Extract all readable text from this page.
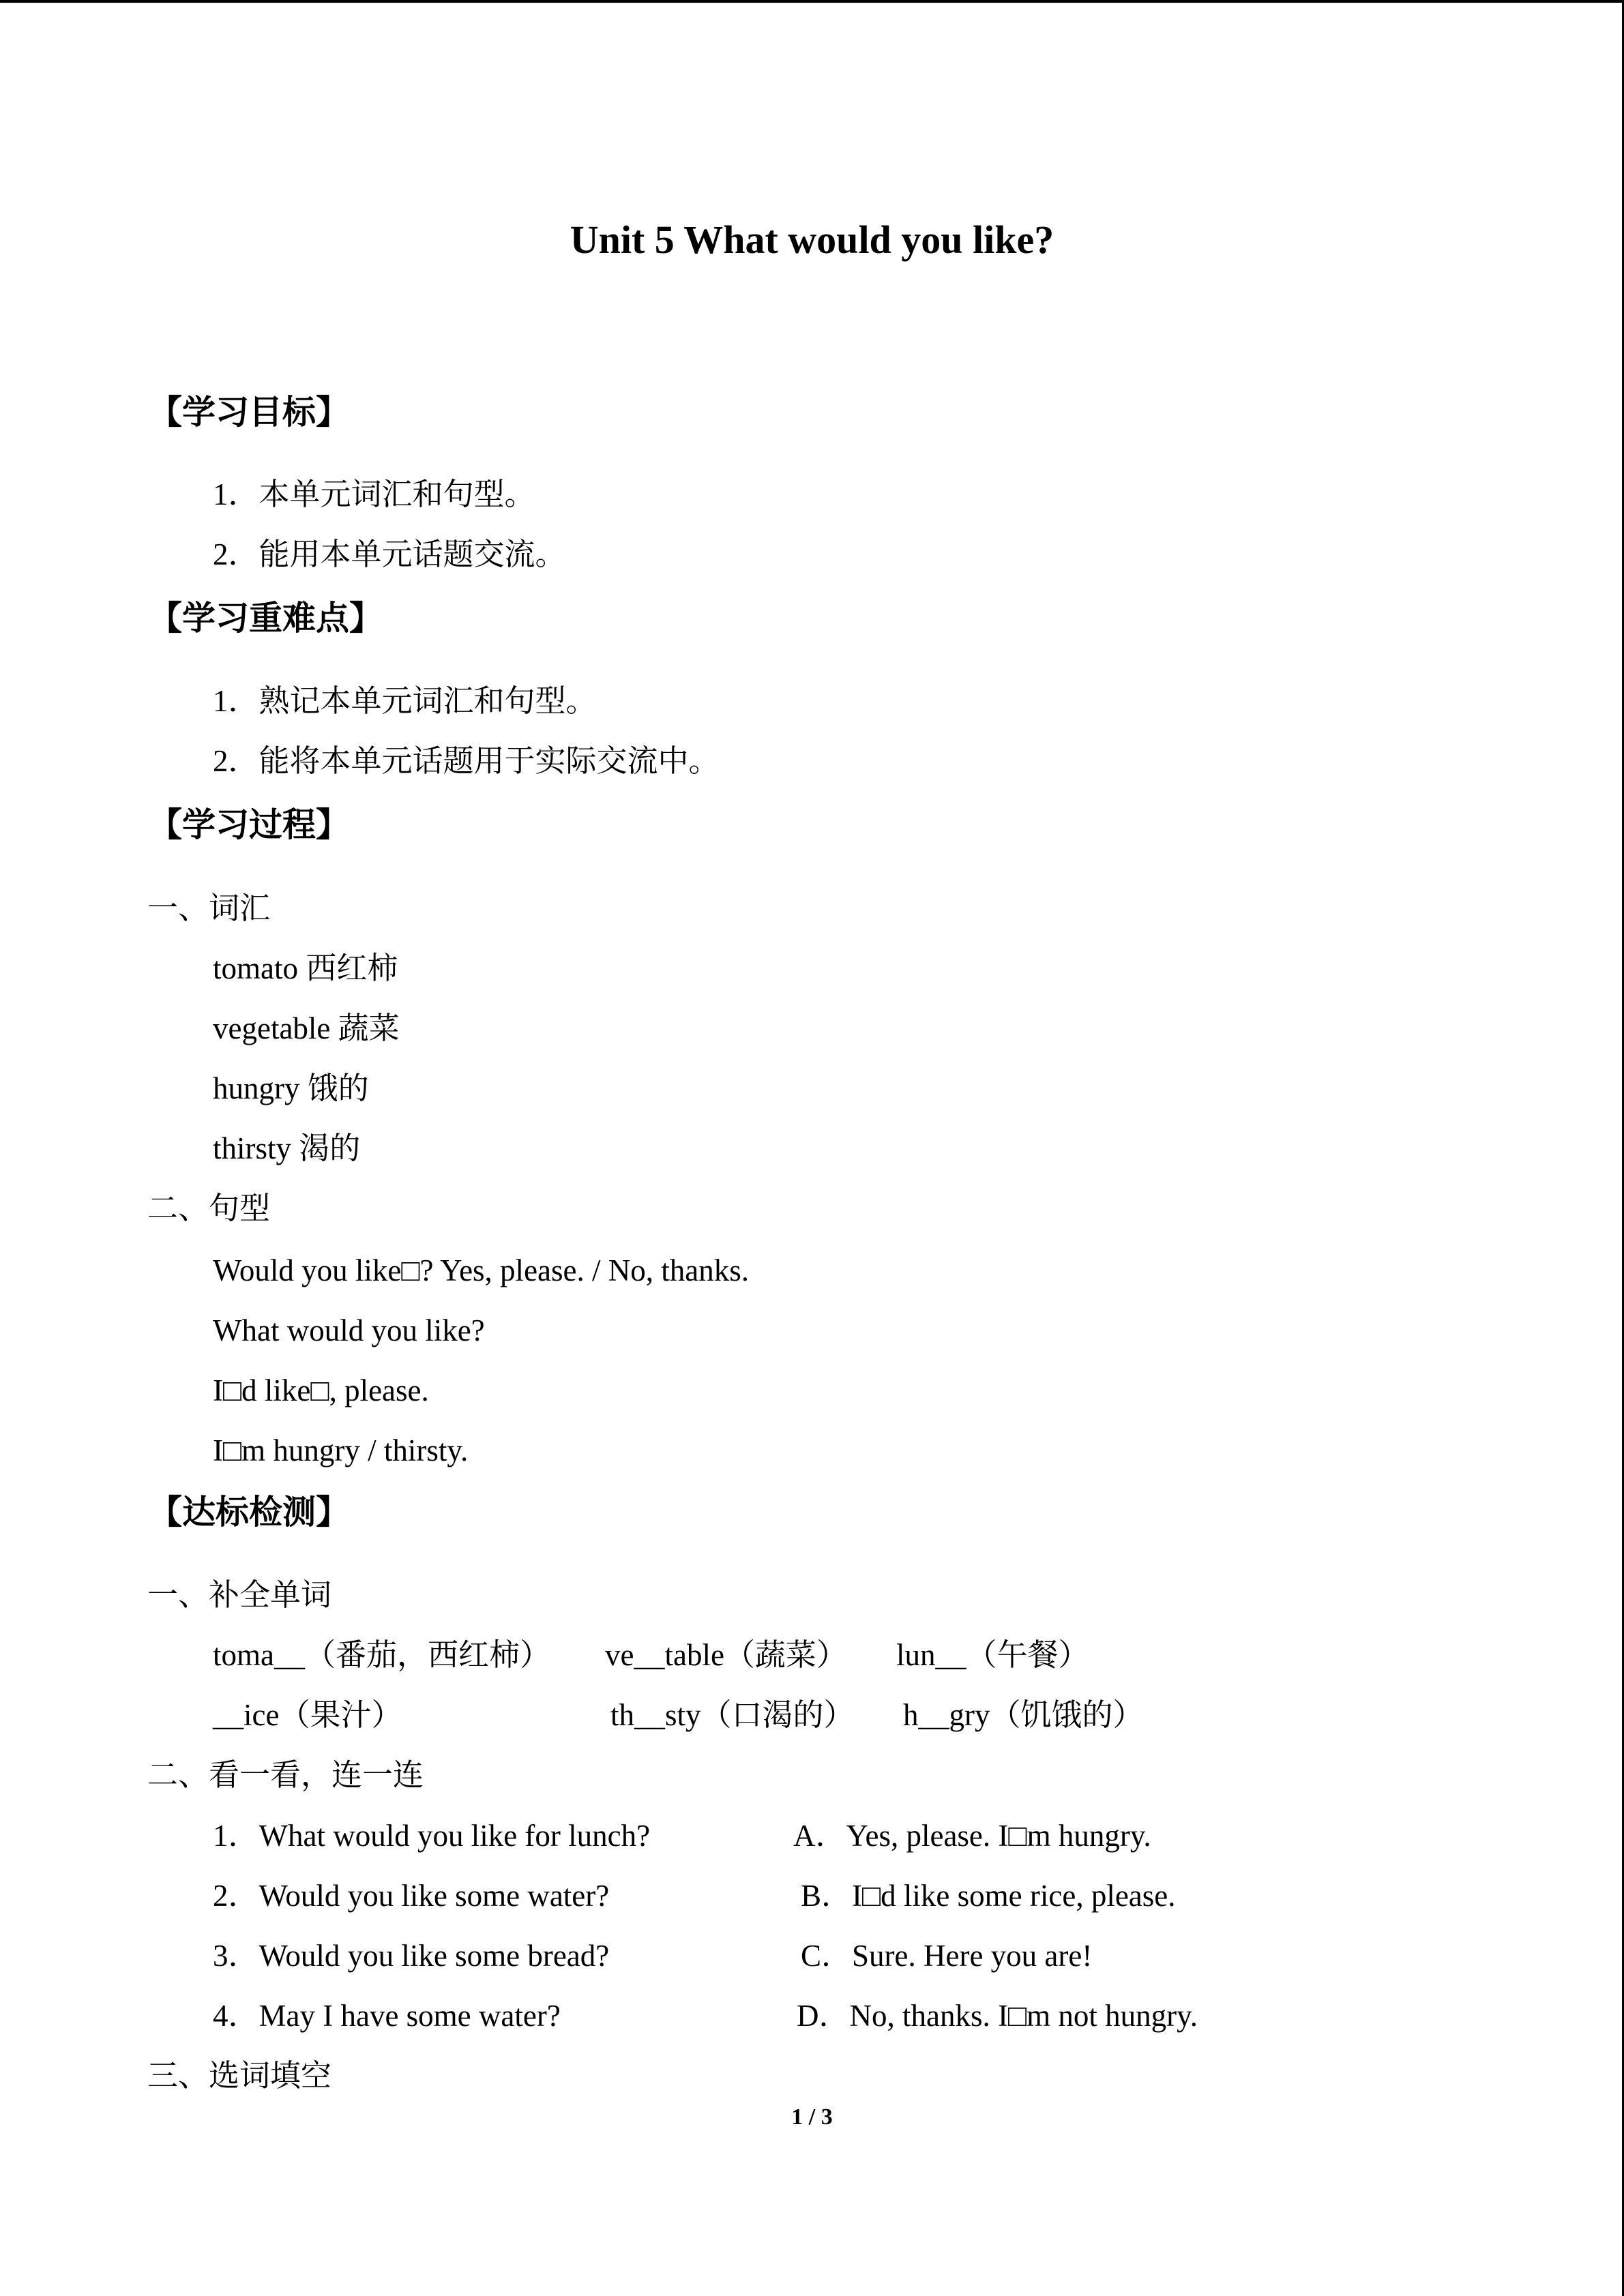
Unit 5 What would you like?
【学习目标】
1．本单元词汇和句型。
2．能用本单元话题交流。
【学习重难点】
1．熟记本单元词汇和句型。
2．能将本单元话题用于实际交流中。
【学习过程】
一、词汇
tomato 西红柿
vegetable 蔬菜
hungry 饿的
thirsty 渴的
二、句型
Would you like□? Yes, please. / No, thanks.
What would you like?
I□d like□, please.
I□m hungry / thirsty.
【达标检测】
一、补全单词
toma__（番茄，西红柿） ve__table（蔬菜） lun__（午餐）
__ice（果汁）	th__sty（口渴的） h__gry（饥饿的）
二、看一看，连一连
1．What would you like for lunch?	A．Yes, please. I□m hungry.
2．Would you like some water?	B．I□d like some rice, please.
3．Would you like some bread?	C．Sure. Here you are!
4．May I have some water?	D．No, thanks. I□m not hungry.
三、选词填空
1 / 3
